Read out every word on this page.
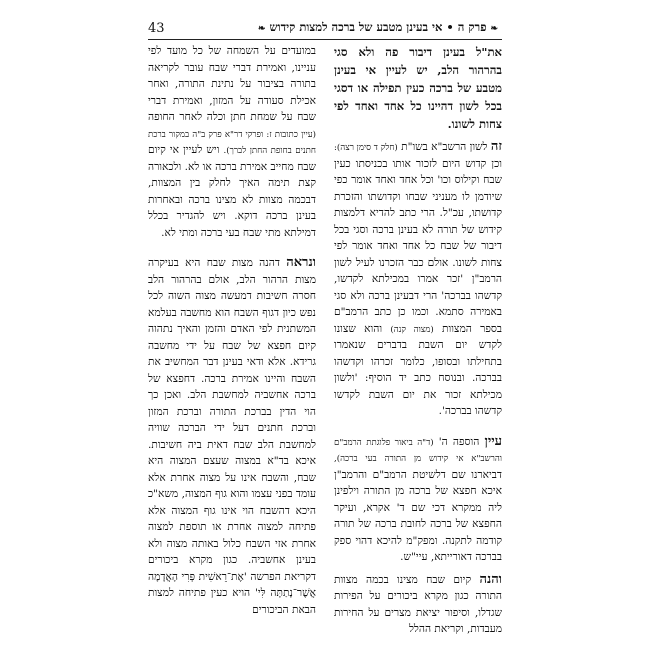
❧פרק ה • אי בעינן מטבע של ברכה למצות קידוש❧
43

את"ל בעינן דיבור פה ולא סגי בהרהור הלב, יש לעיין אי בעינן מטבע של ברכה כעין תפילה או דסגי בכל לשון דהיינו כל אחד ואחד לפי צחות לשונו.

זה לשון הרשב"א בשו"ת (חלק ד סימן רצה): וכן קדוש היום לזכור אותו בכניסתו כעין שבח וקילוס וכו' וכל אחד ואחד אומר כפי שיודמן לו מעניני שבחו וקדושתו והזכרת קדושתו, עכ"ל. הרי כתב להדיא דלמצות קידוש של תורה לא בעינן ברכה וסגי בכל דיבור של שבח כל אחד ואחד אומר לפי צחות לשונו. אולם כבר הזכרנו לעיל לשון הרמב"ן 'זכר אמרו במכילתא לקדשו, קדשהו בברכה' הרי דבעינן ברכה ולא סגי באמירה סתמא. וכמו כן כתב הרמב"ם בספר המצוות (מצוה קנה) והוא שצונו לקדש יום השבת בדברים שנאמרו בתחילתו ובסופו, כלומר זכרהו וקדשהו בברכה. ובנוסח כתב יד הוסיף: 'ולשון מכילתא זכור את יום השבת לקדשו קדשהו בברכה'.

עיין הוספה ה' (ד"ה ביאור פלוגתת הרמב"ם והרשב"א אי קידוש מן התורה בעי ברכה), דביארנו שם דלשיטת הרמב"ם והרמב"ן איכא חפצא של ברכה מן התורה וילפינן ליה ממקרא דכי שם ד' אקרא, ועיקר החפצא של ברכה לחובת ברכה של תורה קודמה לתקנה. ומפק"מ להיכא דהוי ספק בברכה דאורייתא, עיי"ש.

והנה קיום שבח מצינו בכמה מצוות התורה כגון מקרא ביכורים על הפירות שגדלו, וסיפור יציאת מצרים על החירות מעבדות, וקריאת ההלל

במועדים על השמחה של כל מועד לפי עניינו, ואמירת דברי שבח עובר לקריאה בתורה בציבור על נתינת התורה, ואחר אכילת סעודה על המזון, ואמירת דברי שבח על שמחת חתן וכלה לאחר החופה (עיין כתובות ז: ופרקי דר"א פרק ב"ה במקור ברכת חתנים בחופת החתן לברך). ויש לעיין אי קיום שבח מחייב אמירת ברכה או לא. ולכאורה קצת תימה האיך לחלק בין המצוות, דבכמה מצוות לא מצינו ברכה ובאחרות בעינן ברכה דוקא. ויש להגדיר בכלל דמילתא מתי שבח בעי ברכה ומתי לא.

ונראה דהנה מצות שבח היא בעיקרה מצות הרהור הלב, אולם בהרהור הלב חסרה חשיבות דמעשה מצוה השוה לכל נפש כיון דגוף השבח הוא מחשבה בעלמא המשתנית לפי האדם והזמן והאיך נתהוה קיום חפצא של שבח על ידי מחשבה גרידא. אלא ודאי בעינן דבר המחשיב את השבח והיינו אמירת ברכה. דחפצא של ברכה אחשביה למחשבת הלב. ואכן כך הוי הדין בברכת התורה וברכת המזון וברכת חתנים דעל ידי הברכה שוויה למחשבת הלב שבח דאית ביה חשיבות. איכא בד"א במצוה שעצם המצוה היא שבח, והשבח אינו על מצוה אחרת אלא עומד בפני עצמו והוא גוף המצוה, משא"כ היכא דהשבח הוי אינו גוף המצוה אלא פתיחה למצוה אחרת או תוספת למצוה אחרת אזי השבח כלול באותה מצוה ולא בעינן אחשביה. כגון מקרא ביכורים דקריאת הפרשה 'אֶת־רֵאשִׁית פְּרִי הָאֲדָמָה אֲשֶׁר־נָתַתָּה לִּי' הויא כעין פתיחה למצות הבאת הביכורים
